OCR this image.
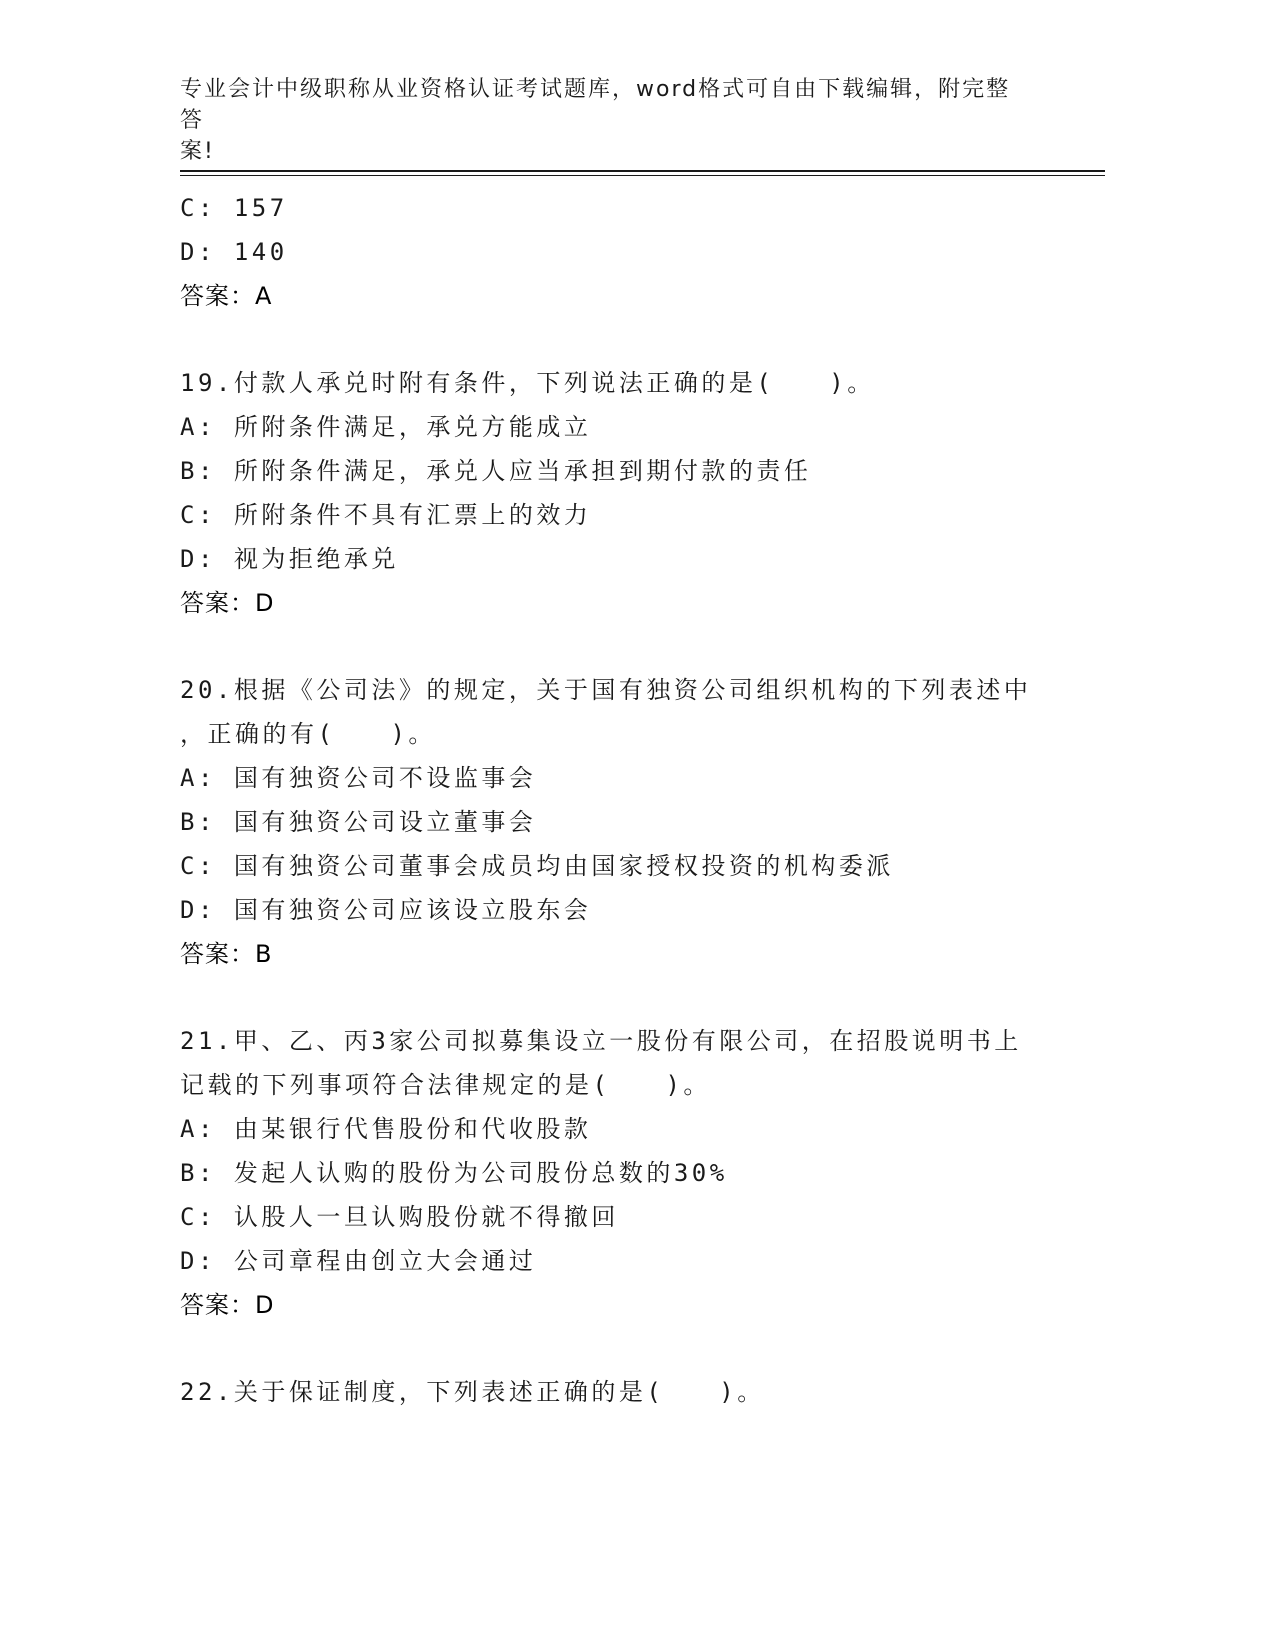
专业会计中级职称从业资格认证考试题库，word格式可自由下载编辑，附完整答
案!
C: 157
D: 140
答案：A
19.付款人承兑时附有条件，下列说法正确的是(　　)。
A: 所附条件满足，承兑方能成立
B: 所附条件满足，承兑人应当承担到期付款的责任
C: 所附条件不具有汇票上的效力
D: 视为拒绝承兑
答案：D
20.根据《公司法》的规定，关于国有独资公司组织机构的下列表述中
，正确的有(　　)。
A: 国有独资公司不设监事会
B: 国有独资公司设立董事会
C: 国有独资公司董事会成员均由国家授权投资的机构委派
D: 国有独资公司应该设立股东会
答案：B
21.甲、乙、丙3家公司拟募集设立一股份有限公司，在招股说明书上
记载的下列事项符合法律规定的是(　　)。
A: 由某银行代售股份和代收股款
B: 发起人认购的股份为公司股份总数的30%
C: 认股人一旦认购股份就不得撤回
D: 公司章程由创立大会通过
答案：D
22.关于保证制度，下列表述正确的是(　　)。
